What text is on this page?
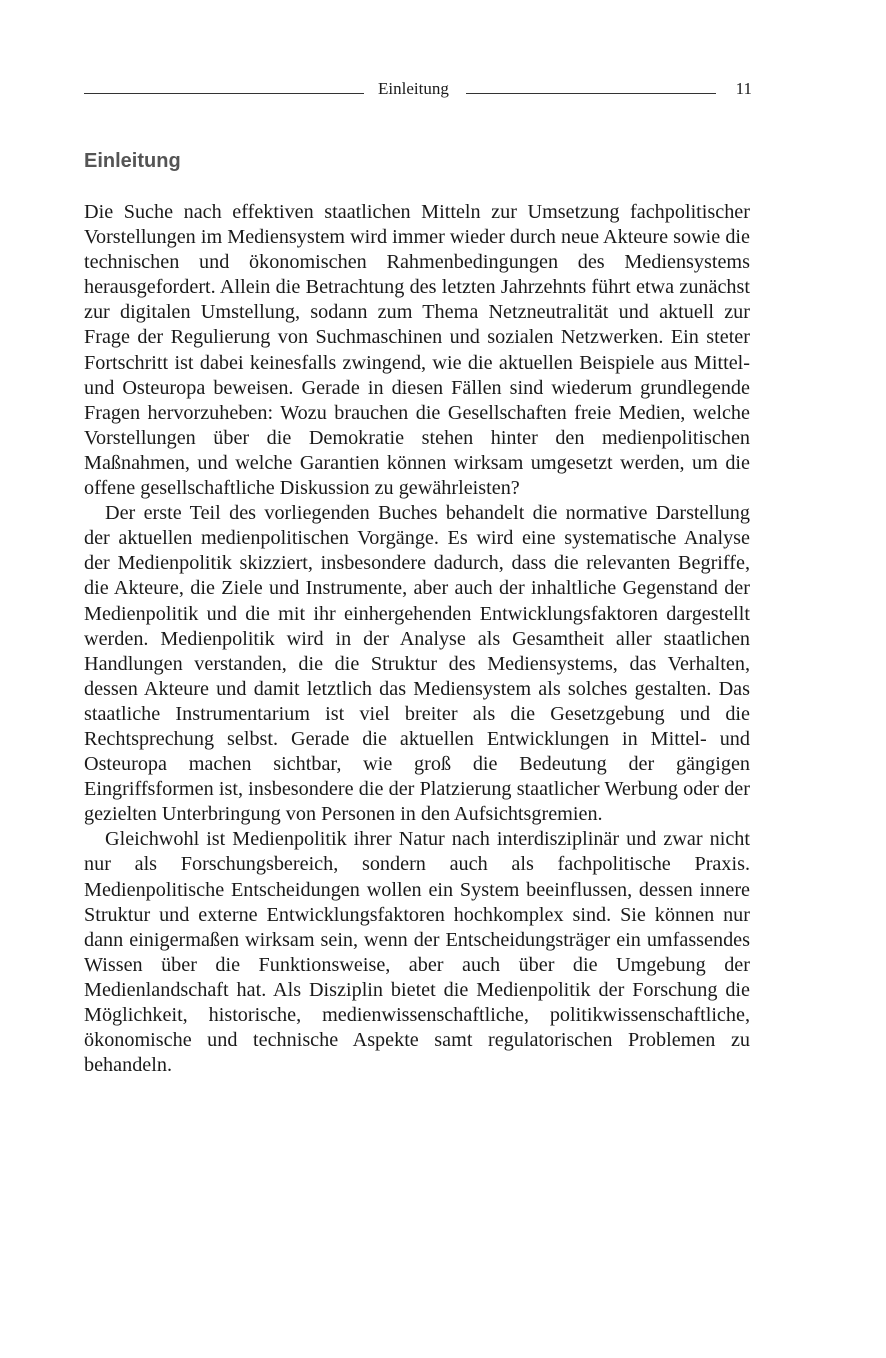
Einleitung	11
Einleitung

Die Suche nach effektiven staatlichen Mitteln zur Umsetzung fachpolitischer Vorstellungen im Mediensystem wird immer wieder durch neue Akteure sowie die technischen und ökonomischen Rahmenbedingungen des Mediensystems herausgefordert. Allein die Betrachtung des letzten Jahrzehnts führt etwa zunächst zur digitalen Umstellung, sodann zum Thema Netzneutralität und aktuell zur Frage der Regulierung von Suchmaschinen und sozialen Netzwerken. Ein steter Fortschritt ist dabei keinesfalls zwingend, wie die aktuellen Beispiele aus Mittel- und Osteuropa beweisen. Gerade in diesen Fällen sind wiederum grundlegende Fragen hervorzuheben: Wozu brauchen die Gesellschaften freie Medien, welche Vorstellungen über die Demokratie stehen hinter den medienpolitischen Maßnahmen, und welche Garantien können wirksam umgesetzt werden, um die offene gesellschaftliche Diskussion zu gewährleisten?

Der erste Teil des vorliegenden Buches behandelt die normative Darstellung der aktuellen medienpolitischen Vorgänge. Es wird eine systematische Analyse der Medienpolitik skizziert, insbesondere dadurch, dass die relevanten Begriffe, die Akteure, die Ziele und Instrumente, aber auch der inhaltliche Gegenstand der Medienpolitik und die mit ihr einhergehenden Entwicklungsfaktoren dargestellt werden. Medienpolitik wird in der Analyse als Gesamtheit aller staatlichen Handlungen verstanden, die die Struktur des Mediensystems, das Verhalten, dessen Akteure und damit letztlich das Mediensystem als solches gestalten. Das staatliche Instrumentarium ist viel breiter als die Gesetzgebung und die Rechtsprechung selbst. Gerade die aktuellen Entwicklungen in Mittel- und Osteuropa machen sichtbar, wie groß die Bedeutung der gängigen Eingriffsformen ist, insbesondere die der Platzierung staatlicher Werbung oder der gezielten Unterbringung von Personen in den Aufsichtsgremien.

Gleichwohl ist Medienpolitik ihrer Natur nach interdisziplinär und zwar nicht nur als Forschungsbereich, sondern auch als fachpolitische Praxis. Medienpolitische Entscheidungen wollen ein System beeinflussen, dessen innere Struktur und externe Entwicklungsfaktoren hochkomplex sind. Sie können nur dann einigermaßen wirksam sein, wenn der Entscheidungsträger ein umfassendes Wissen über die Funktionsweise, aber auch über die Umgebung der Medienlandschaft hat. Als Disziplin bietet die Medienpolitik der Forschung die Möglichkeit, historische, medienwissenschaftliche, politikwissenschaftliche, ökonomische und technische Aspekte samt regulatorischen Problemen zu behandeln.
